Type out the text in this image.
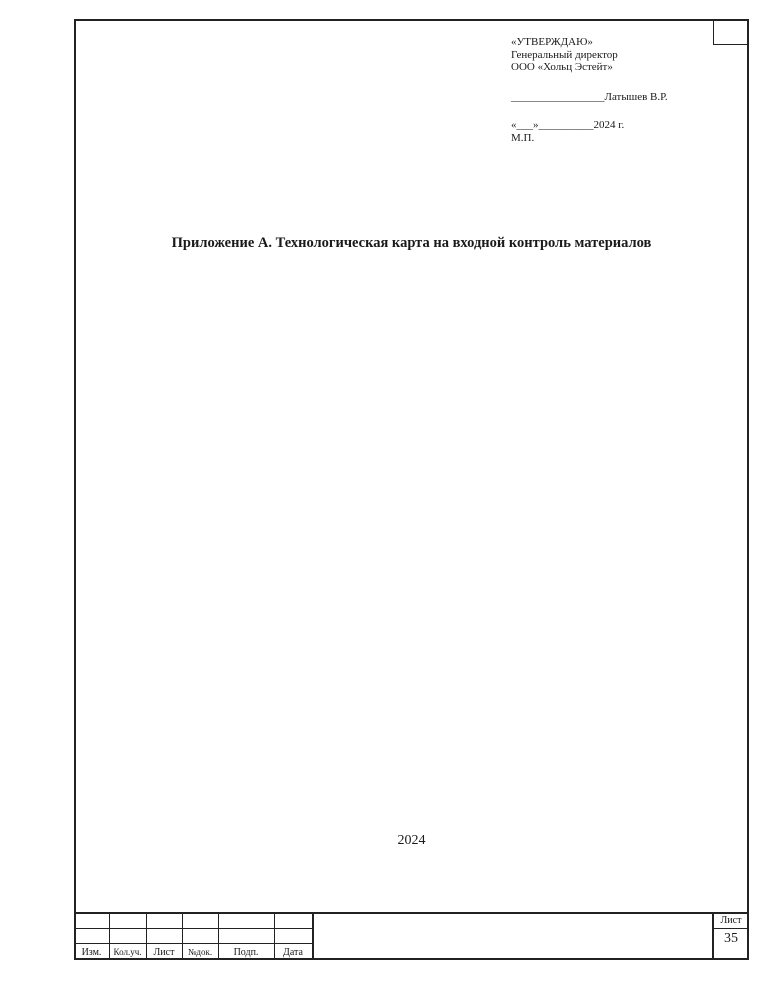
«УТВЕРЖДАЮ»
Генеральный директор
ООО «Хольц Эстейт»
_________________Латышев В.Р.
«___»__________2024 г.
М.П.
Приложение А. Технологическая карта на входной контроль материалов
2024
Изм.	Кол.уч.	Лист	№док.	Подп.	Дата
Лист
35
